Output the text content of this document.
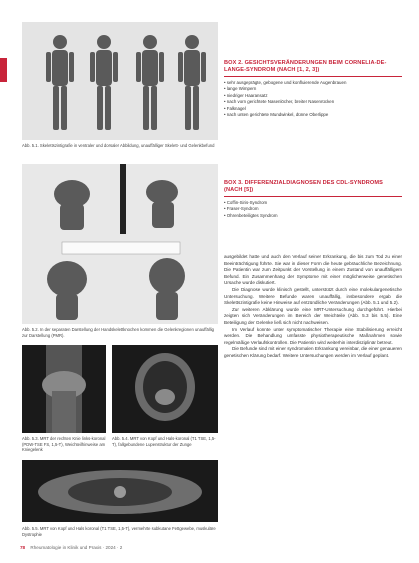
Abb. 5.1. Skelettszintigrafie in ventraler und dorsaler Abbildung, unauffälliger Skelett- und Gelenkbefund
Abb. 5.2. In der separaten Darstellung der Handskelettknochen kommen die Gelenkregionen unauffällig zur Darstellung (PMR).
Abb. 5.3. MRT der rechten Knie links-koronal (PDW-TSE FS, 1,5-T), Weichteilhinweise am Kniegelenk
Abb. 5.4. MRT von Kopf und Hals-koronal (T1 TSE, 1,5-T), fallgebundene Lupenstruktur der Zunge
Abb. 5.5. MRT von Kopf und Hals koronal (T1 TSE, 1,5-T), vermehrte subkutane Fettgewebe, muskuläre Dystrophie
BOX 2. GESICHTSVERÄNDERUNGEN BEIM CORNELIA-DE-LANGE-SYNDROM (NACH [1, 2, 3])
• sehr ausgeprägte, gebogene und konfluierende Augenbrauen
• lange Wimpern
• niedriger Haaransatz
• nach vorn gerichtete Nasenlöcher, breiter Nasenrücken
• Falknagel
• nach unten gerichtete Mundwinkel, dünne Oberlippe
BOX 3. DIFFERENZIALDIAGNOSEN DES CDL-SYNDROMS (NACH [5])
• Coffin-Siris-Syndrom
• Fraser-Syndrom
• Ohrenbeteiligtes Syndrom

ausgebildet hatte und auch den Verlauf seiner Erkrankung, die bis zum Tod zu einer Beeinträchtigung führte. Sie war in dieser Form die heute gebräuchliche Bezeichnung. Die Patientin war zum Zeitpunkt der Vorstellung in einem Zustand von unauffälligem Befund. Ein Zusammenhang der Symptome mit einer möglicherweise genetischen Ursache wurde diskutiert.

Die Diagnose wurde klinisch gestellt, unterstützt durch eine molekulargenetische Untersuchung. Weitere Befunde waren unauffällig, insbesondere ergab die Skelettszintigrafie keine Hinweise auf entzündliche Veränderungen (Abb. 5.1 und 5.2).

Zur weiteren Abklärung wurde eine MRT-Untersuchung durchgeführt. Hierbei zeigten sich Veränderungen im Bereich der Weichteile (Abb. 5.3 bis 5.5). Eine Beteiligung der Gelenke ließ sich nicht nachweisen.

Im Verlauf konnte unter symptomatischer Therapie eine Stabilisierung erreicht werden. Die Behandlung umfasste physiotherapeutische Maßnahmen sowie regelmäßige Verlaufskontrollen. Die Patientin wird weiterhin interdisziplinär betreut.

Die Befunde sind mit einer syndromalen Erkrankung vereinbar, die einer genaueren genetischen Klärung bedarf. Weitere Untersuchungen werden im Verlauf geplant.

78 Rheumatologie in Klinik und Praxis · 2024 · 2
